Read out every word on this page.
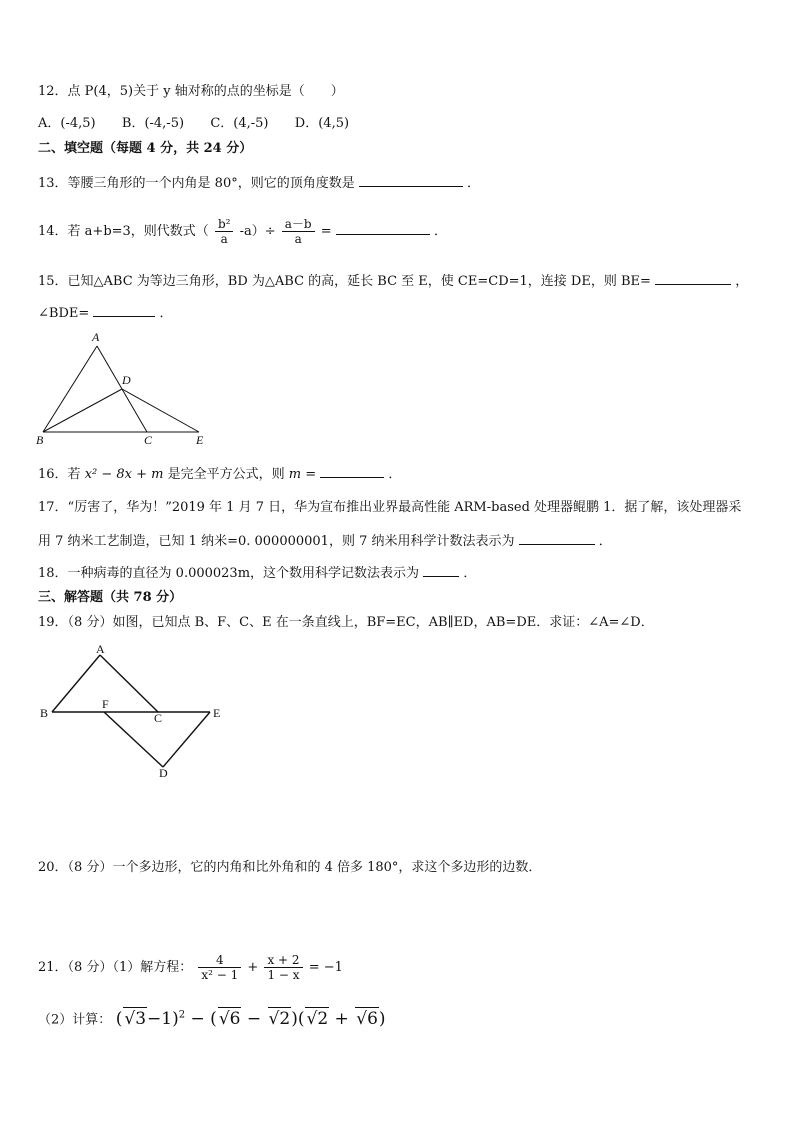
12．点 P(4，5)关于 y 轴对称的点的坐标是（　　）
A．(-4,5) B．(-4,-5) C．(4,-5) D．(4,5)
二、填空题（每题 4 分，共 24 分）
13．等腰三角形的一个内角是 80°，则它的顶角度数是	．
14．若 a+b=3，则代数式（ $\frac{\text{b²}}{a} -a)\div \frac{a-b}{a}$ =	．
15．已知△ABC 为等边三角形，BD 为△ABC 的高，延长 BC 至 E，使 CE=CD=1，连接 DE，则 BE=	，
∠BDE=	．
A
D
B	C	E
16．若 x² − 8x + m 是完全平方公式，则 m =	．
17．“厉害了，华为！”2019 年 1 月 7 日，华为宣布推出业界最高性能 ARM-based 处理器鲲鹏 1．据了解，该处理器采
用 7 纳米工艺制造，已知 1 纳米=0. 000000001，则 7 纳米用科学计数法表示为	．
18．一种病毒的直径为 0.000023m，这个数用科学记数法表示为	．
三、解答题（共 78 分）
19．（8 分）如图，已知点 B、F、C、E 在一条直线上，BF=EC，AB∥ED，AB=DE．求证：∠A=∠D．
A
B
F
C	E
D
20．（8 分）一个多边形，它的内角和比外角和的 4 倍多 180°，求这个多边形的边数．
21．（8 分）（1）解方程： $\frac{4}{\text{x² − 1}} + \frac{x + 2}{1 - x} = -1$
（2）计算： ( √3−1)$^2$ − ( √6 − √2)( √2 + √6)
